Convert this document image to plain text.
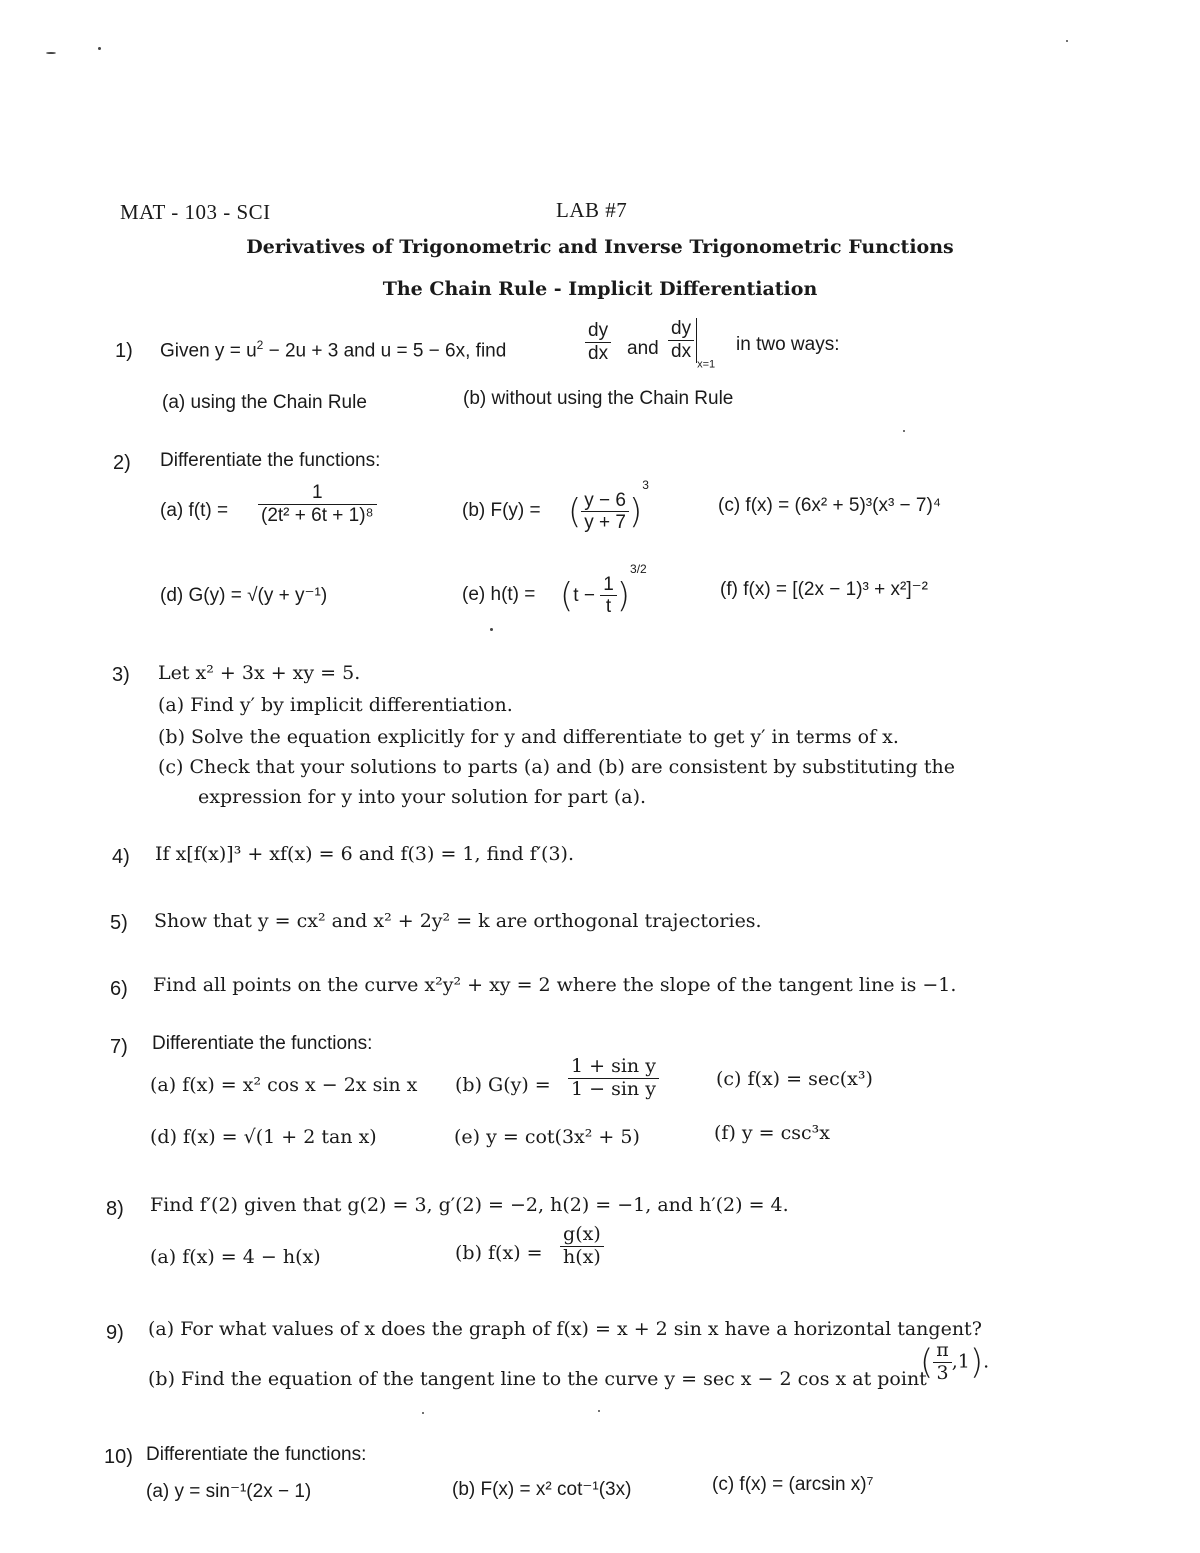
MAT - 103 - SCI	LAB #7
Derivatives of Trigonometric and Inverse Trigonometric Functions
The Chain Rule - Implicit Differentiation
1) Given $y = u^2 - 2u + 3$ and u = 5 − 6x, find	$\frac{dy}{dx}$ and $\frac{dy}{dx}$
$_{x=1}$
in two ways:
(a) using the Chain Rule	(b) without using the Chain Rule
2) Differentiate the functions:
(a) $f(t) = \frac{1}{\text{(2t² + 6t + 1)⁸}}$	(b) F(y) = ( $\frac{y - 6}{y + 7} )^3$
(c) f(x) = (6x² + 5)³(x³ − 7)⁴
(d) G(y) = √(y + y⁻¹)	(e) $h(t) = (t - \frac{1}{t} )^{3/2}$
(f) f(x) = [(2x − 1)³ + x²]⁻²
3) Let x² + 3x + xy = 5.
(a) Find y′ by implicit differentiation.
(b) Solve the equation explicitly for y and differentiate to get y′ in terms of x.
(c) Check that your solutions to parts (a) and (b) are consistent by substituting the
expression for y into your solution for part (a).
4) If x[f(x)]³ + xf(x) = 6 and f(3) = 1, find f′(3).
5) Show that y = cx² and x² + 2y² = k are orthogonal trajectories.
6) Find all points on the curve x²y² + xy = 2 where the slope of the tangent line is −1.
7) Differentiate the functions:
(a) f(x) = x² cos x − 2x sin x (b) $G(y) = \frac{\text{1 + sin y}}{\text{1 − sin y}}$	(c) f(x) = sec(x³)
(d) f(x) = √(1 + 2 tan x)	(e) y = cot(3x² + 5)	(f) y = csc³x
8) Find f′(2) given that g(2) = 3, g′(2) = −2, h(2) = −1, and h′(2) = 4.
(a) f(x) = 4 − h(x)	(b) $f(x) = \frac{g(x)}{h(x)}$
9) (a) For what values of x does the graph of f(x) = x + 2 sin x have a horizontal tangent?
(b) Find the equation of the tangent line to the curve y = sec x − 2 cos x at point
( $\frac{\pi}{3} ,1$).
10) Differentiate the functions:
(a) y = sin⁻¹(2x − 1)	(b) F(x) = x² cot⁻¹(3x)	(c) f(x) = (arcsin x)⁷
